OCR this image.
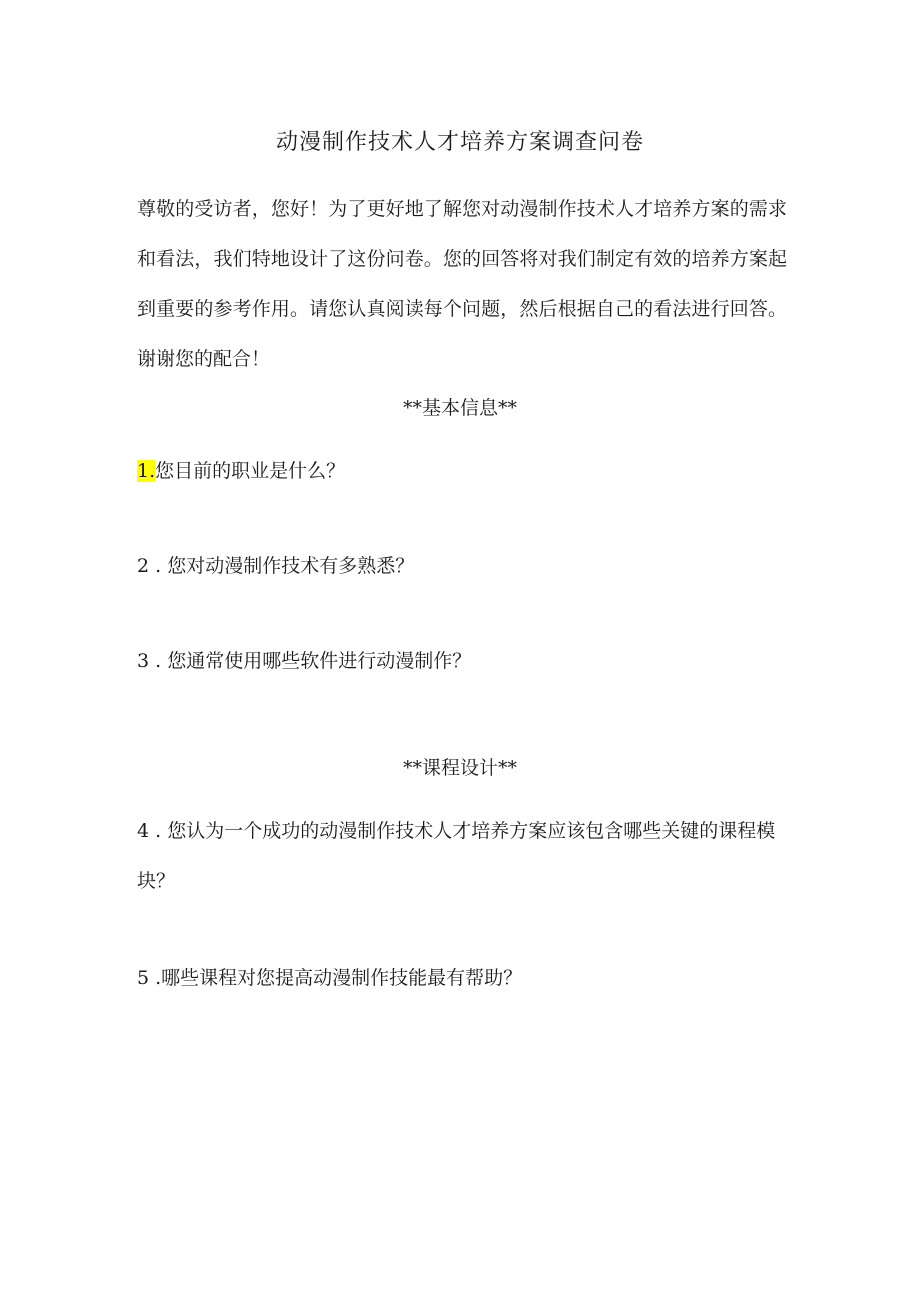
动漫制作技术人才培养方案调查问卷

尊敬的受访者，您好！为了更好地了解您对动漫制作技术人才培养方案的需求和看法，我们特地设计了这份问卷。您的回答将对我们制定有效的培养方案起到重要的参考作用。请您认真阅读每个问题，然后根据自己的看法进行回答。谢谢您的配合！

**基本信息**
1.您目前的职业是什么？
2 . 您对动漫制作技术有多熟悉？
3 . 您通常使用哪些软件进行动漫制作？
**课程设计**
4 . 您认为一个成功的动漫制作技术人才培养方案应该包含哪些关键的课程模块？
5 .哪些课程对您提高动漫制作技能最有帮助？
